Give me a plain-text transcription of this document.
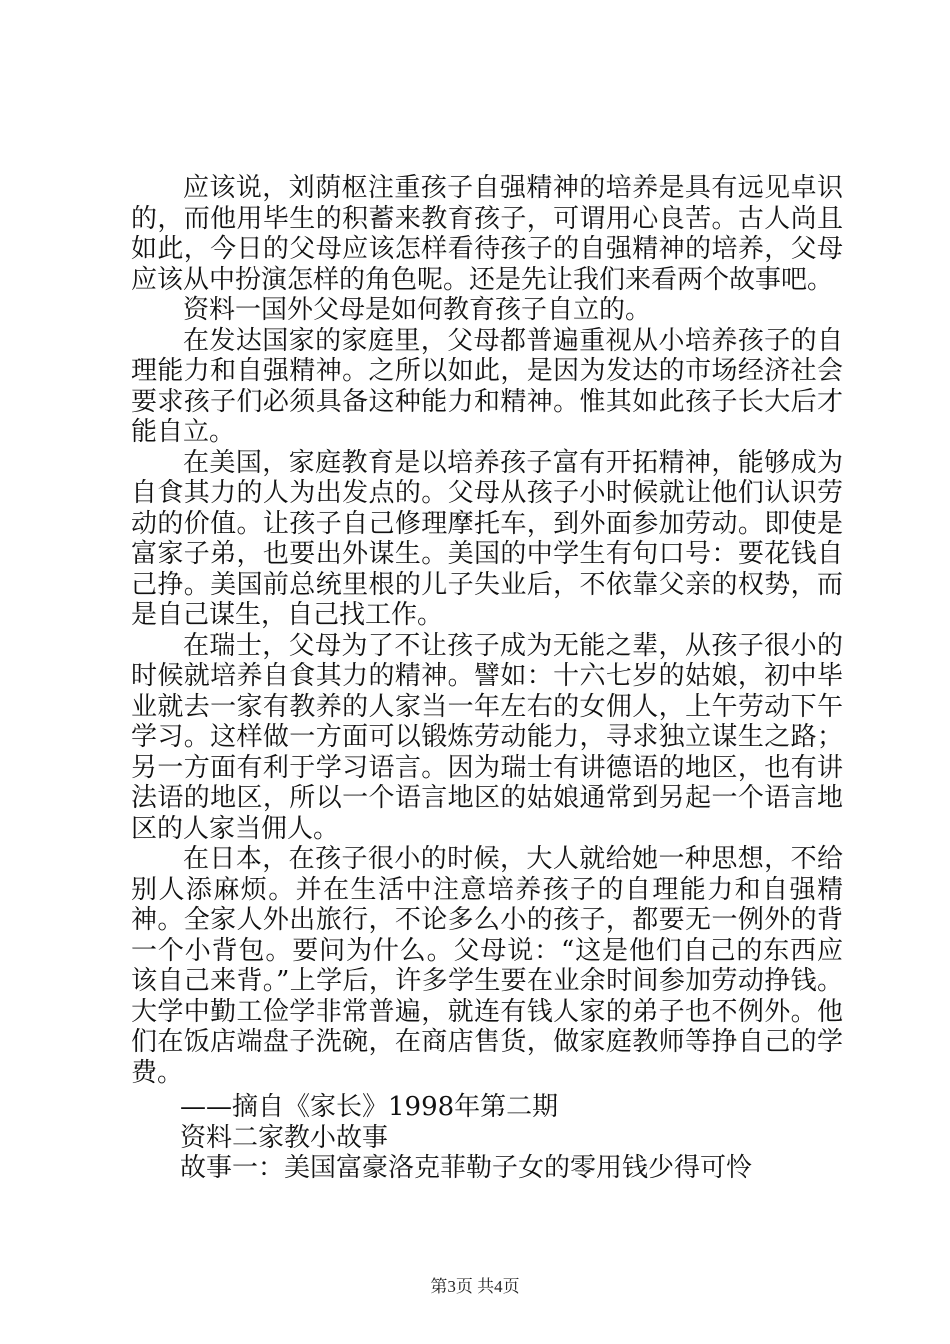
应该说，刘荫枢注重孩子自强精神的培养是具有远见卓识的，而他用毕生的积蓄来教育孩子，可谓用心良苦。古人尚且如此，今日的父母应该怎样看待孩子的自强精神的培养，父母应该从中扮演怎样的角色呢。还是先让我们来看两个故事吧。

资料一国外父母是如何教育孩子自立的。

在发达国家的家庭里，父母都普遍重视从小培养孩子的自理能力和自强精神。之所以如此，是因为发达的市场经济社会要求孩子们必须具备这种能力和精神。惟其如此孩子长大后才能自立。

在美国，家庭教育是以培养孩子富有开拓精神，能够成为自食其力的人为出发点的。父母从孩子小时候就让他们认识劳动的价值。让孩子自己修理摩托车，到外面参加劳动。即使是富家子弟，也要出外谋生。美国的中学生有句口号：要花钱自己挣。美国前总统里根的儿子失业后，不依靠父亲的权势，而是自己谋生，自己找工作。

在瑞士，父母为了不让孩子成为无能之辈，从孩子很小的时候就培养自食其力的精神。譬如：十六七岁的姑娘，初中毕业就去一家有教养的人家当一年左右的女佣人，上午劳动下午学习。这样做一方面可以锻炼劳动能力，寻求独立谋生之路；另一方面有利于学习语言。因为瑞士有讲德语的地区，也有讲法语的地区，所以一个语言地区的姑娘通常到另起一个语言地区的人家当佣人。

在日本，在孩子很小的时候，大人就给她一种思想，不给别人添麻烦。并在生活中注意培养孩子的自理能力和自强精神。全家人外出旅行，不论多么小的孩子，都要无一例外的背一个小背包。要问为什么。父母说：“这是他们自己的东西应该自己来背。”上学后，许多学生要在业余时间参加劳动挣钱。大学中勤工俭学非常普遍，就连有钱人家的弟子也不例外。他们在饭店端盘子洗碗，在商店售货，做家庭教师等挣自己的学费。

——摘自《家长》1998年第二期

资料二家教小故事

故事一：美国富豪洛克菲勒子女的零用钱少得可怜

第3页 共4页
